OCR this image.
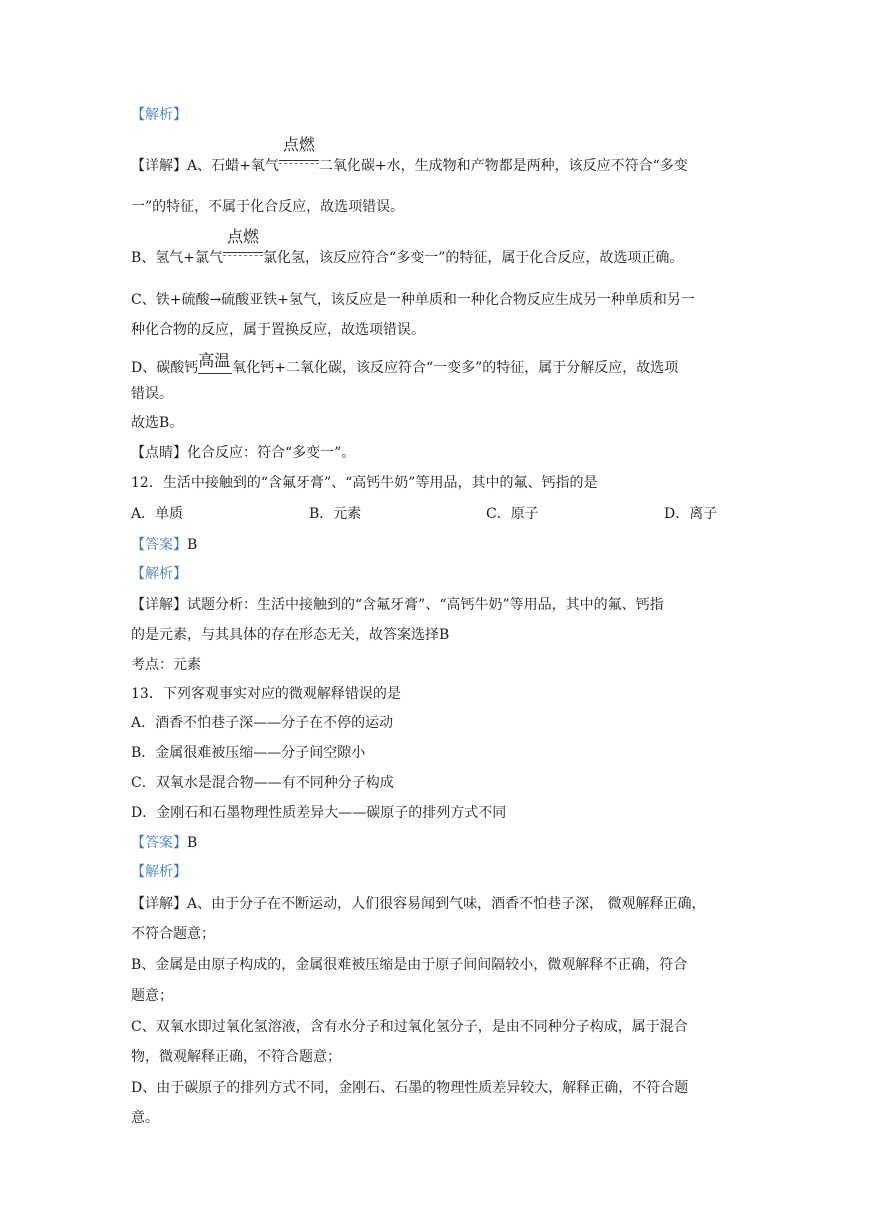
【解析】
【详解】A、石蜡+氧气
点燃
二氧化碳+水，生成物和产物都是两种，该反应不符合“多变
一”的特征，不属于化合反应，故选项错误。
B、氢气+氯气
点燃
氯化氢，该反应符合“多变一”的特征，属于化合反应，故选项正确。
C、铁+硫酸→硫酸亚铁+氢气，该反应是一种单质和一种化合物反应生成另一种单质和另一
种化合物的反应，属于置换反应，故选项错误。
D、碳酸钙 高温 氧化钙+二氧化碳，该反应符合“一变多”的特征，属于分解反应，故选项
错误。
故选B。
【点睛】化合反应：符合“多变一”。
12．生活中接触到的“含氟牙膏”、“高钙牛奶”等用品，其中的氟、钙指的是
A．单质	B．元素	C．原子	D．离子
【答案】B
【解析】
【详解】试题分析：生活中接触到的“含氟牙膏”、“高钙牛奶”等用品，其中的氟、钙指
的是元素，与其具体的存在形态无关，故答案选择B
考点：元素
13．下列客观事实对应的微观解释错误的是
A．酒香不怕巷子深——分子在不停的运动
B．金属很难被压缩——分子间空隙小
C．双氧水是混合物——有不同种分子构成
D．金刚石和石墨物理性质差异大——碳原子的排列方式不同
【答案】B
【解析】
【详解】A、由于分子在不断运动，人们很容易闻到气味，酒香不怕巷子深， 微观解释正确，
不符合题意；
B、金属是由原子构成的，金属很难被压缩是由于原子间间隔较小，微观解释不正确，符合
题意；
C、双氧水即过氧化氢溶液，含有水分子和过氧化氢分子，是由不同种分子构成，属于混合
物，微观解释正确，不符合题意；
D、由于碳原子的排列方式不同，金刚石、石墨的物理性质差异较大，解释正确，不符合题
意。
